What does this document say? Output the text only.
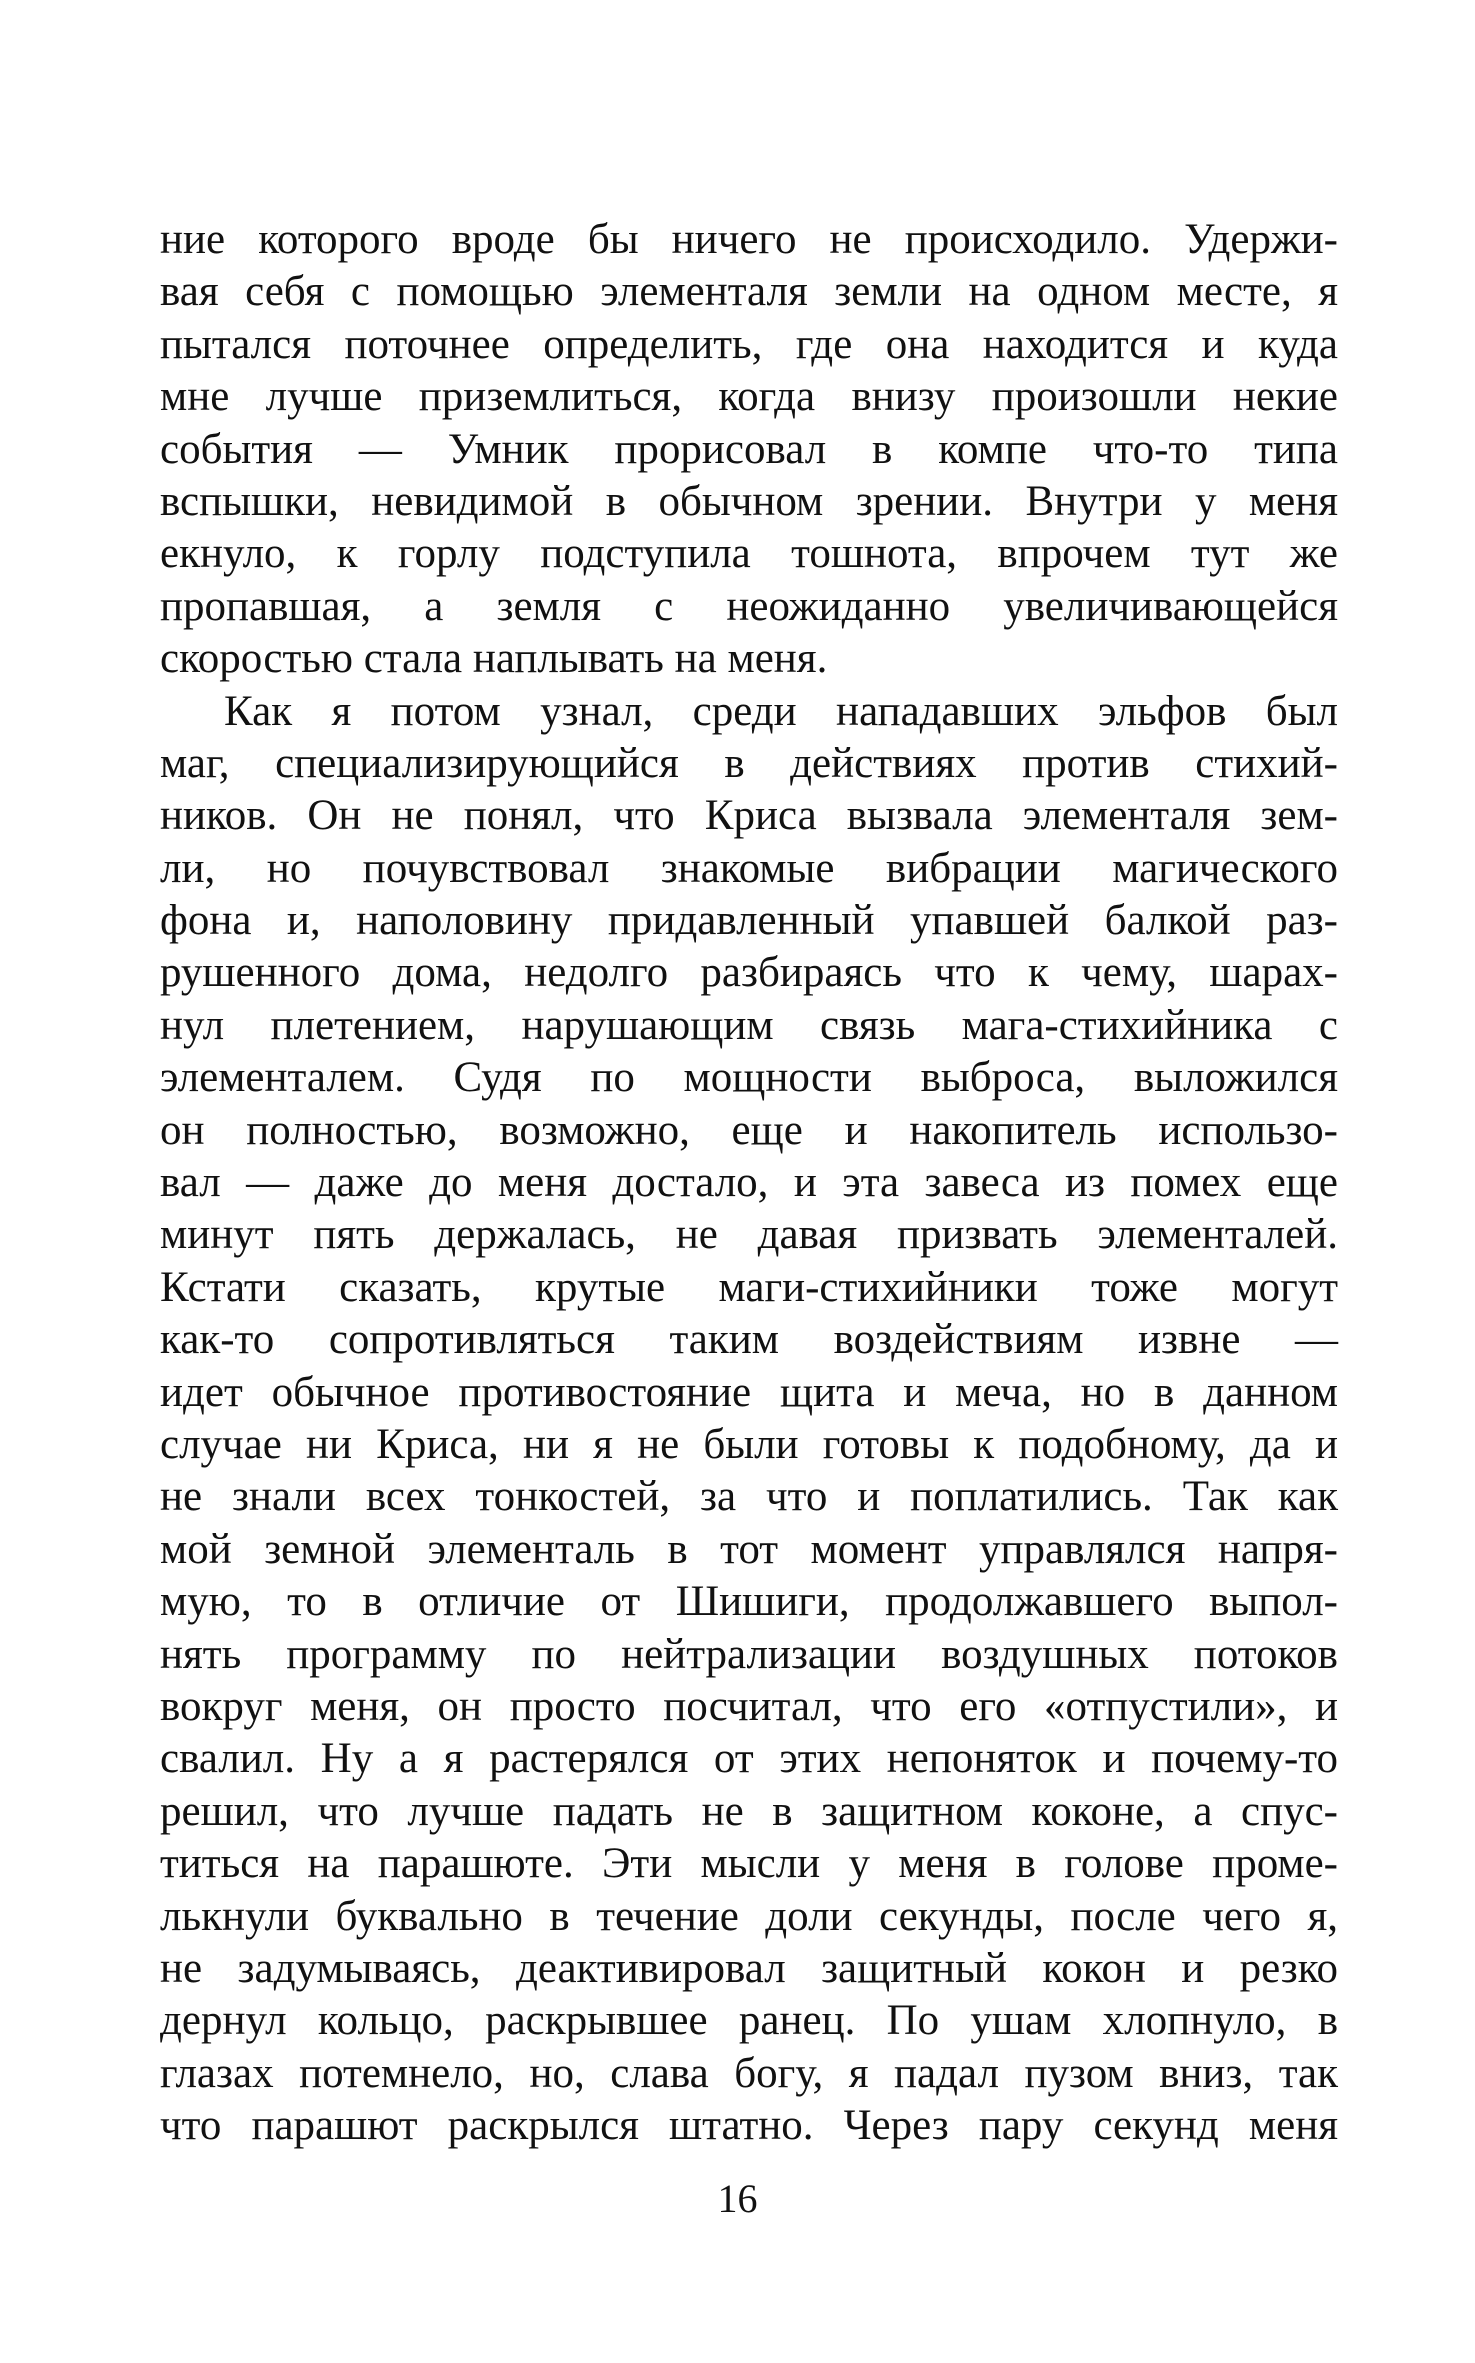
ние которого вроде бы ничего не происходило. Удержи-
вая себя с помощью элементаля земли на одном месте, я
пытался поточнее определить, где она находится и куда
мне лучше приземлиться, когда внизу произошли некие
события — Умник прорисовал в компе что-то типа
вспышки, невидимой в обычном зрении. Внутри у меня
екнуло, к горлу подступила тошнота, впрочем тут же
пропавшая, а земля с неожиданно увеличивающейся
скоростью стала наплывать на меня.
Как я потом узнал, среди нападавших эльфов был
маг, специализирующийся в действиях против стихий-
ников. Он не понял, что Криса вызвала элементаля зем-
ли, но почувствовал знакомые вибрации магического
фона и, наполовину придавленный упавшей балкой раз-
рушенного дома, недолго разбираясь что к чему, шарах-
нул плетением, нарушающим связь мага-стихийника с
элементалем. Судя по мощности выброса, выложился
он полностью, возможно, еще и накопитель использо-
вал — даже до меня достало, и эта завеса из помех еще
минут пять держалась, не давая призвать элементалей.
Кстати сказать, крутые маги-стихийники тоже могут
как-то сопротивляться таким воздействиям извне —
идет обычное противостояние щита и меча, но в данном
случае ни Криса, ни я не были готовы к подобному, да и
не знали всех тонкостей, за что и поплатились. Так как
мой земной элементаль в тот момент управлялся напря-
мую, то в отличие от Шишиги, продолжавшего выпол-
нять программу по нейтрализации воздушных потоков
вокруг меня, он просто посчитал, что его «отпустили», и
свалил. Ну а я растерялся от этих непоняток и почему-то
решил, что лучше падать не в защитном коконе, а спус-
титься на парашюте. Эти мысли у меня в голове проме-
лькнули буквально в течение доли секунды, после чего я,
не задумываясь, деактивировал защитный кокон и резко
дернул кольцо, раскрывшее ранец. По ушам хлопнуло, в
глазах потемнело, но, слава богу, я падал пузом вниз, так
что парашют раскрылся штатно. Через пару секунд меня
16
